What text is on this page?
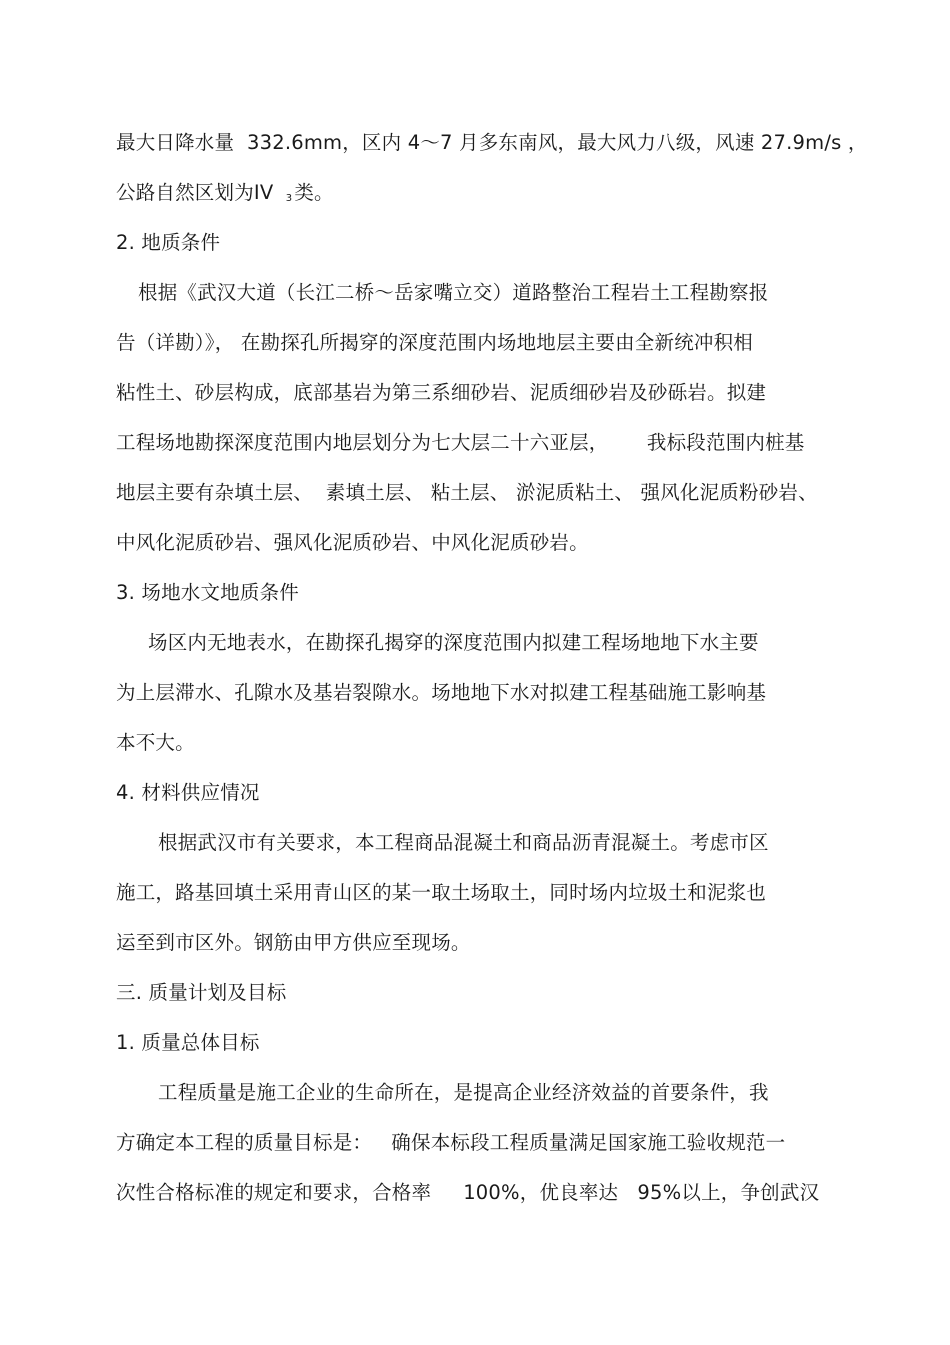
最大日降水量  332.6mm，区内 4～7 月多东南风，最大风力八级，风速 27.9m/s ，
公路自然区划为IV $_3$ 类。
2. 地质条件
根据《武汉大道（长江二桥～岳家嘴立交）道路整治工程岩土工程勘察报
告（详勘）》， 在勘探孔所揭穿的深度范围内场地地层主要由全新统冲积相
粘性土、砂层构成，底部基岩为第三系细砂岩、泥质细砂岩及砂砾岩。拟建
工程场地勘探深度范围内地层划分为七大层二十六亚层，      我标段范围内桩基
地层主要有杂填土层、  素填土层、 粘土层、 淤泥质粘土、 强风化泥质粉砂岩、
中风化泥质砂岩、强风化泥质砂岩、中风化泥质砂岩。
3. 场地水文地质条件
场区内无地表水，在勘探孔揭穿的深度范围内拟建工程场地地下水主要
为上层滞水、孔隙水及基岩裂隙水。场地地下水对拟建工程基础施工影响基
本不大。
4. 材料供应情况
根据武汉市有关要求，本工程商品混凝土和商品沥青混凝土。考虑市区
施工，路基回填土采用青山区的某一取土场取土，同时场内垃圾土和泥浆也
运至到市区外。钢筋由甲方供应至现场。
三. 质量计划及目标
1. 质量总体目标
工程质量是施工企业的生命所在，是提高企业经济效益的首要条件，我
方确定本工程的质量目标是：   确保本标段工程质量满足国家施工验收规范一
次性合格标准的规定和要求，合格率     100%，优良率达   95%以上，争创武汉
